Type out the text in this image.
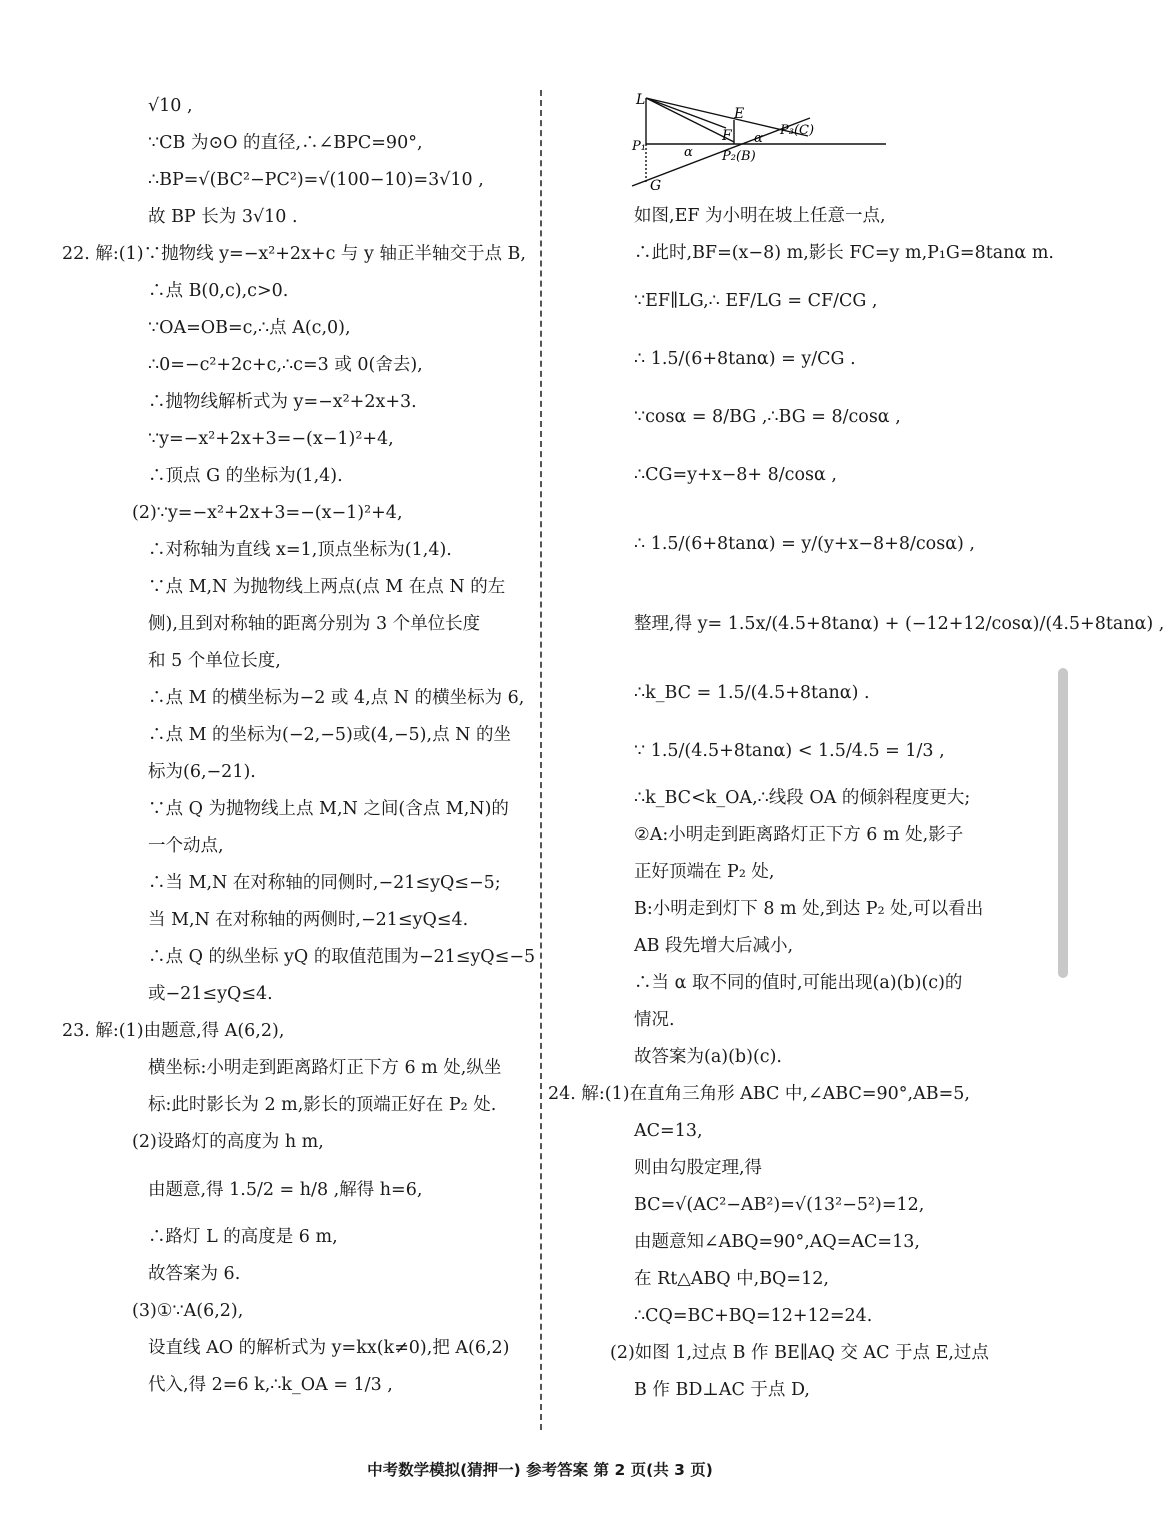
√10 ,
∵CB 为⊙O 的直径,∴∠BPC=90°,
∴BP=√(BC²−PC²)=√(100−10)=3√10 ,
故 BP 长为 3√10 .
22. 解:(1)∵抛物线 y=−x²+2x+c 与 y 轴正半轴交于点 B,
∴点 B(0,c),c>0.
∵OA=OB=c,∴点 A(c,0),
∴0=−c²+2c+c,∴c=3 或 0(舍去),
∴抛物线解析式为 y=−x²+2x+3.
∵y=−x²+2x+3=−(x−1)²+4,
∴顶点 G 的坐标为(1,4).
(2)∵y=−x²+2x+3=−(x−1)²+4,
∴对称轴为直线 x=1,顶点坐标为(1,4).
∵点 M,N 为抛物线上两点(点 M 在点 N 的左
侧),且到对称轴的距离分别为 3 个单位长度
和 5 个单位长度,
∴点 M 的横坐标为−2 或 4,点 N 的横坐标为 6,
∴点 M 的坐标为(−2,−5)或(4,−5),点 N 的坐
标为(6,−21).
∵点 Q 为抛物线上点 M,N 之间(含点 M,N)的
一个动点,
∴当 M,N 在对称轴的同侧时,−21≤yQ≤−5;
当 M,N 在对称轴的两侧时,−21≤yQ≤4.
∴点 Q 的纵坐标 yQ 的取值范围为−21≤yQ≤−5
或−21≤yQ≤4.
23. 解:(1)由题意,得 A(6,2),
横坐标:小明走到距离路灯正下方 6 m 处,纵坐
标:此时影长为 2 m,影长的顶端正好在 P₂ 处.
(2)设路灯的高度为 h m,
由题意,得 1.5/2 = h/8 ,解得 h=6,
∴路灯 L 的高度是 6 m,
故答案为 6.
(3)①∵A(6,2),
设直线 AO 的解析式为 y=kx(k≠0),把 A(6,2)
代入,得 2=6 k,∴k_OA = 1/3 ,
L
E
F α
P₃(C)
P₁	α P₂(B)
G
如图,EF 为小明在坡上任意一点,
∴此时,BF=(x−8) m,影长 FC=y m,P₁G=8tanα m.
∵EF∥LG,∴ EF/LG = CF/CG ,
∴ 1.5/(6+8tanα) = y/CG .
∵cosα = 8/BG ,∴BG = 8/cosα ,
∴CG=y+x−8+ 8/cosα ,
∴ 1.5/(6+8tanα) = y/(y+x−8+8/cosα) ,
整理,得 y= 1.5x/(4.5+8tanα) + (−12+12/cosα)/(4.5+8tanα) ,
∴k_BC = 1.5/(4.5+8tanα) .
∵ 1.5/(4.5+8tanα) < 1.5/4.5 = 1/3 ,
∴k_BC<k_OA,∴线段 OA 的倾斜程度更大;
②A:小明走到距离路灯正下方 6 m 处,影子
正好顶端在 P₂ 处,
B:小明走到灯下 8 m 处,到达 P₂ 处,可以看出
AB 段先增大后减小,
∴当 α 取不同的值时,可能出现(a)(b)(c)的
情况.
故答案为(a)(b)(c).
24. 解:(1)在直角三角形 ABC 中,∠ABC=90°,AB=5,
AC=13,
则由勾股定理,得
BC=√(AC²−AB²)=√(13²−5²)=12,
由题意知∠ABQ=90°,AQ=AC=13,
在 Rt△ABQ 中,BQ=12,
∴CQ=BC+BQ=12+12=24.
(2)如图 1,过点 B 作 BE∥AQ 交 AC 于点 E,过点
B 作 BD⊥AC 于点 D,
中考数学模拟(猜押一) 参考答案 第 2 页(共 3 页)
